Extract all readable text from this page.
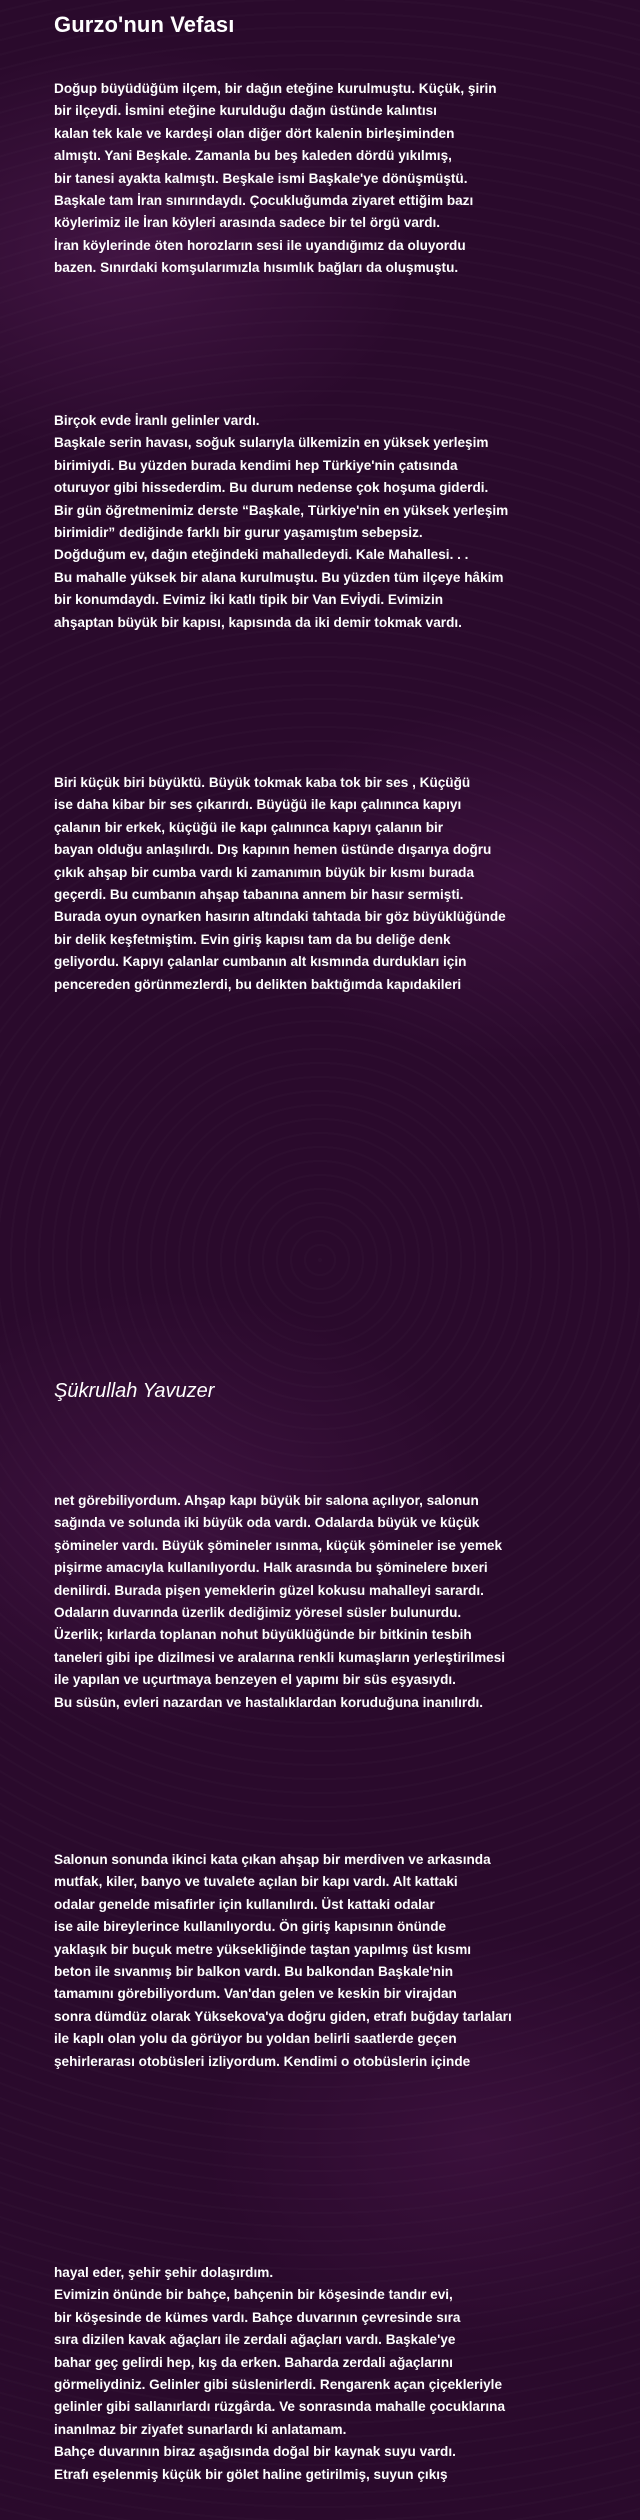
Gurzo'nun Vefası
Doğup büyüdüğüm ilçem, bir dağın eteğine kurulmuştu. Küçük, şirin
bir ilçeydi. İsmini eteğine kurulduğu dağın üstünde kalıntısı
kalan tek kale ve kardeşi olan diğer dört kalenin birleşiminden
almıştı. Yani Beşkale. Zamanla bu beş kaleden dördü yıkılmış,
bir tanesi ayakta kalmıştı. Beşkale ismi Başkale'ye dönüşmüştü.
Başkale tam İran sınırındaydı. Çocukluğumda ziyaret ettiğim bazı
köylerimiz ile İran köyleri arasında sadece bir tel örgü vardı.
İran köylerinde öten horozların sesi ile uyandığımız da oluyordu
bazen. Sınırdaki komşularımızla hısımlık bağları da oluşmuştu.
Birçok evde İranlı gelinler vardı.
Başkale serin havası, soğuk sularıyla ülkemizin en yüksek yerleşim
birimiydi. Bu yüzden burada kendimi hep Türkiye'nin çatısında
oturuyor gibi hissederdim. Bu durum nedense çok hoşuma giderdi.
Bir gün öğretmenimiz derste “Başkale, Türkiye'nin en yüksek yerleşim
birimidir” dediğinde farklı bir gurur yaşamıştım sebepsiz.
Doğduğum ev, dağın eteğindeki mahalledeydi. Kale Mahallesi. . .
Bu mahalle yüksek bir alana kurulmuştu. Bu yüzden tüm ilçeye hâkim
bir konumdaydı. Evimiz İki katlı tipik bir Van Evi̇ydi. Evimizin
ahşaptan büyük bir kapısı, kapısında da iki demir tokmak vardı.
Biri küçük biri büyüktü. Büyük tokmak kaba tok bir ses , Küçüğü
ise daha kibar bir ses çıkarırdı. Büyüğü ile kapı çalınınca kapıyı
çalanın bir erkek, küçüğü ile kapı çalınınca kapıyı çalanın bir
bayan olduğu anlaşılırdı. Dış kapının hemen üstünde dışarıya doğru
çıkık ahşap bir cumba vardı ki zamanımın büyük bir kısmı burada
geçerdi. Bu cumbanın ahşap tabanına annem bir hasır sermişti.
Burada oyun oynarken hasırın altındaki tahtada bir göz büyüklüğünde
bir delik keşfetmiştim. Evin giriş kapısı tam da bu deliğe denk
geliyordu. Kapıyı çalanlar cumbanın alt kısmında durdukları için
pencereden görünmezlerdi, bu delikten baktığımda kapıdakileri
Şükrullah Yavuzer
net görebiliyordum. Ahşap kapı büyük bir salona açılıyor, salonun
sağında ve solunda iki büyük oda vardı. Odalarda büyük ve küçük
şömineler vardı. Büyük şömineler ısınma, küçük şömineler ise yemek
pişirme amacıyla kullanılıyordu. Halk arasında bu şöminelere bıxeri
denilirdi. Burada pişen yemeklerin güzel kokusu mahalleyi sarardı.
Odaların duvarında üzerlik dediğimiz yöresel süsler bulunurdu.
Üzerlik; kırlarda toplanan nohut büyüklüğünde bir bitkinin tesbih
taneleri gibi ipe dizilmesi ve aralarına renkli kumaşların yerleştirilmesi
ile yapılan ve uçurtmaya benzeyen el yapımı bir süs eşyasıydı.
Bu süsün, evleri nazardan ve hastalıklardan koruduğuna inanılırdı.
Salonun sonunda ikinci kata çıkan ahşap bir merdiven ve arkasında
mutfak, kiler, banyo ve tuvalete açılan bir kapı vardı. Alt kattaki
odalar genelde misafirler için kullanılırdı. Üst kattaki odalar
ise aile bireylerince kullanılıyordu. Ön giriş kapısının önünde
yaklaşık bir buçuk metre yüksekliğinde taştan yapılmış üst kısmı
beton ile sıvanmış bir balkon vardı. Bu balkondan Başkale'nin
tamamını görebiliyordum. Van'dan gelen ve keskin bir virajdan
sonra dümdüz olarak Yüksekova'ya doğru giden, etrafı buğday tarlaları
ile kaplı olan yolu da görüyor bu yoldan belirli saatlerde geçen
şehirlerarası otobüsleri izliyordum. Kendimi o otobüslerin içinde
hayal eder, şehir şehir dolaşırdım.
Evimizin önünde bir bahçe, bahçenin bir köşesinde tandır evi,
bir köşesinde de kümes vardı. Bahçe duvarının çevresinde sıra
sıra dizilen kavak ağaçları ile zerdali ağaçları vardı. Başkale'ye
bahar geç gelirdi hep, kış da erken. Baharda zerdali ağaçlarını
görmeliydiniz. Gelinler gibi süslenirlerdi. Rengarenk açan çiçekleriyle
gelinler gibi sallanırlardı rüzgârda. Ve sonrasında mahalle çocuklarına
inanılmaz bir ziyafet sunarlardı ki anlatamam.
Bahçe duvarının biraz aşağısında doğal bir kaynak suyu vardı.
Etrafı eşelenmiş küçük bir gölet haline getirilmiş, suyun çıkış
